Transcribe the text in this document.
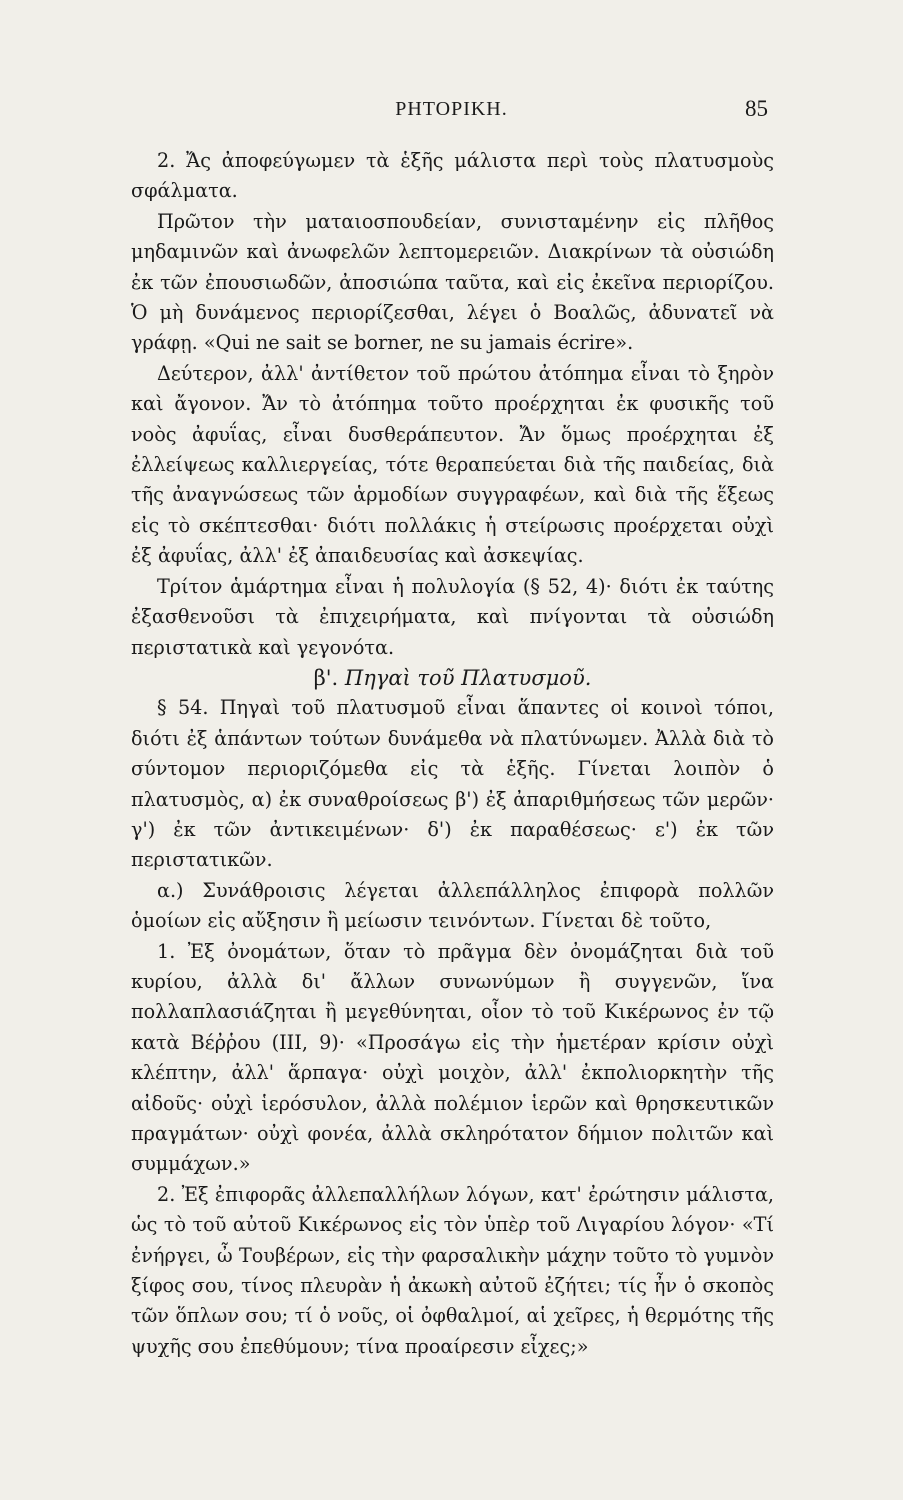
ΡΗΤΟΡΙΚΗ.	85

2. Ἄς ἀποφεύγωμεν τὰ ἑξῆς μάλιστα περὶ τοὺς πλατυσμοὺς σφάλματα.

Πρῶτον τὴν ματαιοσπουδείαν, συνισταμένην εἰς πλῆθος μηδαμινῶν καὶ ἀνωφελῶν λεπτομερειῶν. Διακρίνων τὰ οὐσιώδη ἐκ τῶν ἐπουσιωδῶν, ἀποσιώπα ταῦτα, καὶ εἰς ἐκεῖνα περιορίζου. Ὁ μὴ δυνάμενος περιορίζεσθαι, λέγει ὁ Βοαλῶς, ἀδυνατεῖ νὰ γράφῃ. «Qui ne sait se borner, ne su jamais écrire».

Δεύτερον, ἀλλ' ἀντίθετον τοῦ πρώτου ἀτόπημα εἶναι τὸ ξηρὸν καὶ ἄγονον. Ἄν τὸ ἀτόπημα τοῦτο προέρχηται ἐκ φυσικῆς τοῦ νοὸς ἀφυΐας, εἶναι δυσθεράπευτον. Ἄν ὅμως προέρχηται ἐξ ἐλλείψεως καλλιεργείας, τότε θεραπεύεται διὰ τῆς παιδείας, διὰ τῆς ἀναγνώσεως τῶν ἁρμοδίων συγγραφέων, καὶ διὰ τῆς ἕξεως εἰς τὸ σκέπτεσθαι· διότι πολλάκις ἡ στείρωσις προέρχεται οὐχὶ ἐξ ἀφυΐας, ἀλλ' ἐξ ἀπαιδευσίας καὶ ἀσκεψίας.

Τρίτον ἁμάρτημα εἶναι ἡ πολυλογία (§ 52, 4)· διότι ἐκ ταύτης ἐξασθενοῦσι τὰ ἐπιχειρήματα, καὶ πνίγονται τὰ οὐσιώδη περιστατικὰ καὶ γεγονότα.

β'. Πηγαὶ τοῦ Πλατυσμοῦ.

§ 54. Πηγαὶ τοῦ πλατυσμοῦ εἶναι ἅπαντες οἱ κοινοὶ τόποι, διότι ἐξ ἁπάντων τούτων δυνάμεθα νὰ πλατύνωμεν. Ἀλλὰ διὰ τὸ σύντομον περιοριζόμεθα εἰς τὰ ἑξῆς. Γίνεται λοιπὸν ὁ πλατυσμὸς, α) ἐκ συναθροίσεως β') ἐξ ἀπαριθμήσεως τῶν μερῶν· γ') ἐκ τῶν ἀντικειμένων· δ') ἐκ παραθέσεως· ε') ἐκ τῶν περιστατικῶν.

α.) Συνάθροισις λέγεται ἀλλεπάλληλος ἐπιφορὰ πολλῶν ὁμοίων εἰς αὔξησιν ἢ μείωσιν τεινόντων. Γίνεται δὲ τοῦτο,

1. Ἐξ ὀνομάτων, ὅταν τὸ πρᾶγμα δὲν ὀνομάζηται διὰ τοῦ κυρίου, ἀλλὰ δι' ἄλλων συνωνύμων ἢ συγγενῶν, ἵνα πολλαπλασιάζηται ἢ μεγεθύνηται, οἷον τὸ τοῦ Κικέρωνος ἐν τῷ κατὰ Βέῤῥου (III, 9)· «Προσάγω εἰς τὴν ἡμετέραν κρίσιν οὐχὶ κλέπτην, ἀλλ' ἅρπαγα· οὐχὶ μοιχὸν, ἀλλ' ἐκπολιορκητὴν τῆς αἰδοῦς· οὐχὶ ἱερόσυλον, ἀλλὰ πολέμιον ἱερῶν καὶ θρησκευτικῶν πραγμάτων· οὐχὶ φονέα, ἀλλὰ σκληρότατον δήμιον πολιτῶν καὶ συμμάχων.»

2. Ἐξ ἐπιφορᾶς ἀλλεπαλλήλων λόγων, κατ' ἐρώτησιν μάλιστα, ὡς τὸ τοῦ αὐτοῦ Κικέρωνος εἰς τὸν ὑπὲρ τοῦ Λιγαρίου λόγον· «Τί ἐνήργει, ὦ Τουβέρων, εἰς τὴν φαρσαλικὴν μάχην τοῦτο τὸ γυμνὸν ξίφος σου, τίνος πλευρὰν ἡ ἀκωκὴ αὐτοῦ ἐζήτει; τίς ἦν ὁ σκοπὸς τῶν ὅπλων σου; τί ὁ νοῦς, οἱ ὀφθαλμοί, αἱ χεῖρες, ἡ θερμότης τῆς ψυχῆς σου ἐπεθύμουν; τίνα προαίρεσιν εἶχες;»
